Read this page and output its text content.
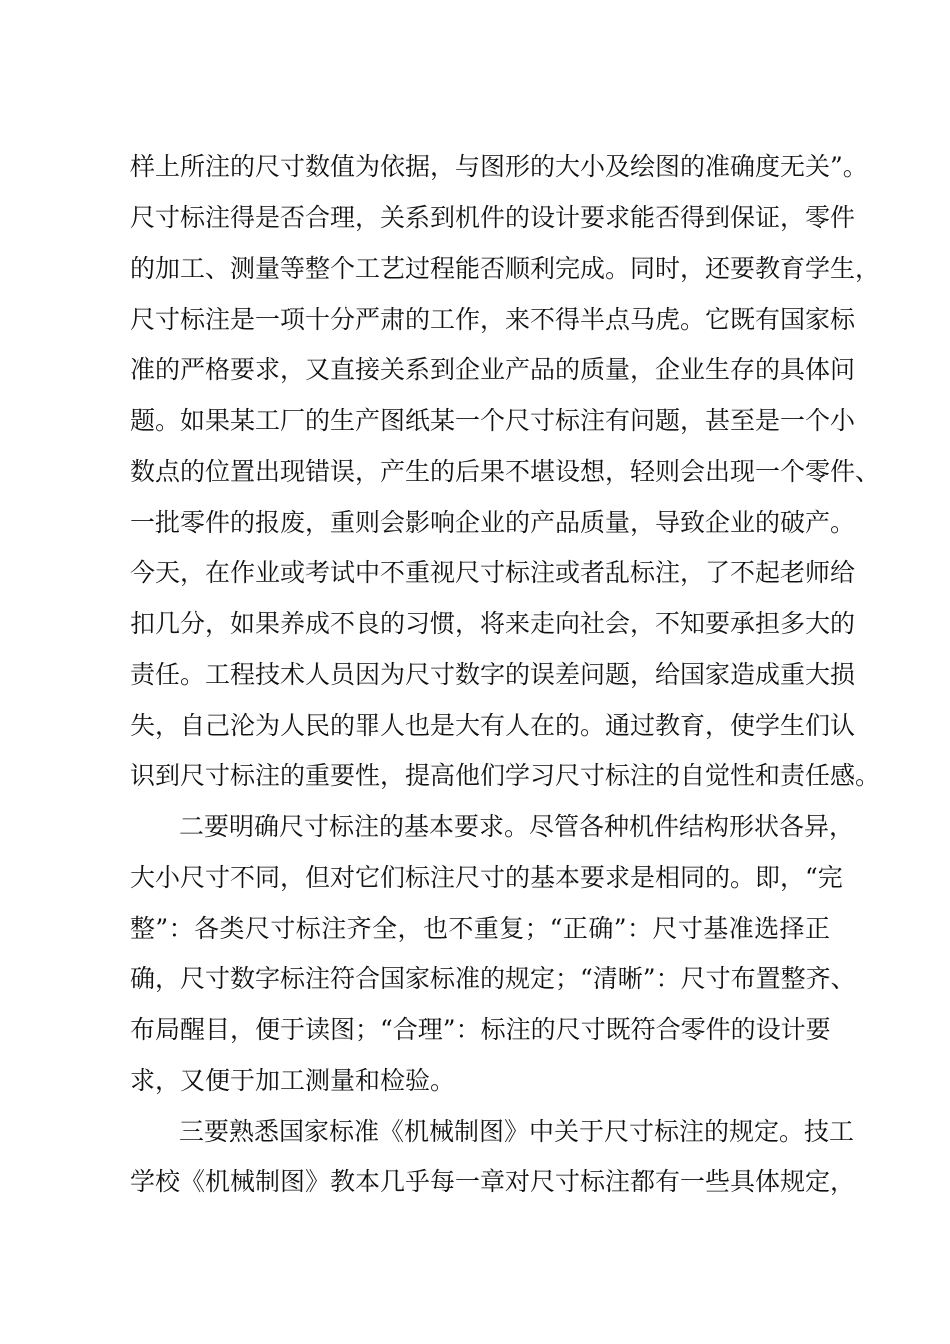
样上所注的尺寸数值为依据，与图形的大小及绘图的准确度无关”。
尺寸标注得是否合理，关系到机件的设计要求能否得到保证，零件
的加工、测量等整个工艺过程能否顺利完成。同时，还要教育学生，
尺寸标注是一项十分严肃的工作，来不得半点马虎。它既有国家标
准的严格要求，又直接关系到企业产品的质量，企业生存的具体问
题。如果某工厂的生产图纸某一个尺寸标注有问题，甚至是一个小
数点的位置出现错误，产生的后果不堪设想，轻则会出现一个零件、
一批零件的报废，重则会影响企业的产品质量，导致企业的破产。
今天，在作业或考试中不重视尺寸标注或者乱标注，了不起老师给
扣几分，如果养成不良的习惯，将来走向社会，不知要承担多大的
责任。工程技术人员因为尺寸数字的误差问题，给国家造成重大损
失，自己沦为人民的罪人也是大有人在的。通过教育，使学生们认
识到尺寸标注的重要性，提高他们学习尺寸标注的自觉性和责任感。
二要明确尺寸标注的基本要求。尽管各种机件结构形状各异，
大小尺寸不同，但对它们标注尺寸的基本要求是相同的。即，“完
整”：各类尺寸标注齐全，也不重复；“正确”：尺寸基准选择正
确，尺寸数字标注符合国家标准的规定；“清晰”：尺寸布置整齐、
布局醒目，便于读图；“合理”：标注的尺寸既符合零件的设计要
求，又便于加工测量和检验。
三要熟悉国家标准《机械制图》中关于尺寸标注的规定。技工
学校《机械制图》教本几乎每一章对尺寸标注都有一些具体规定，
